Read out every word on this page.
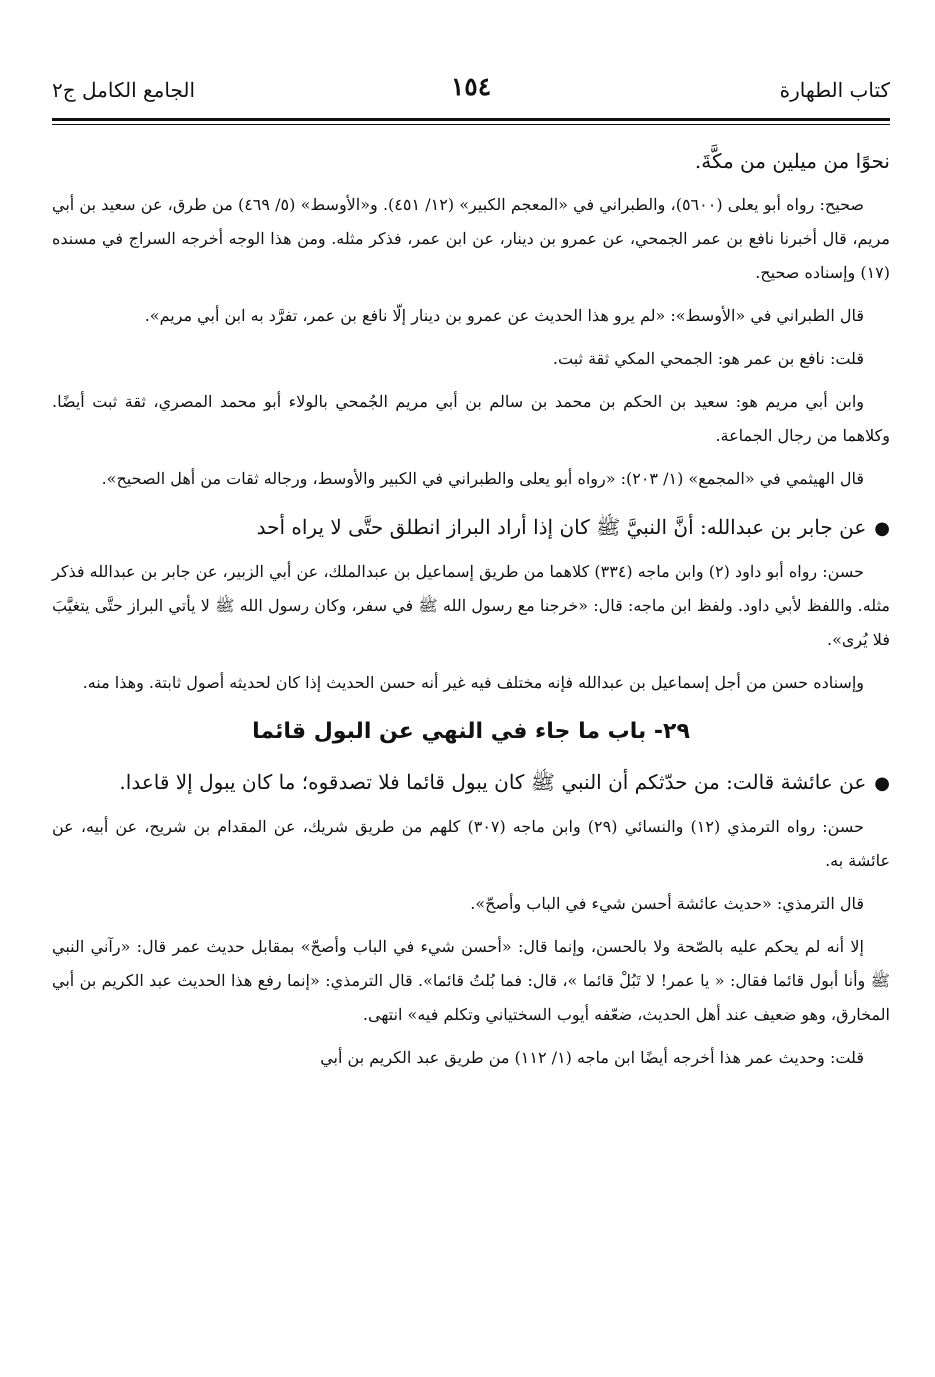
كتاب الطهارة
١٥٤
الجامع الكامل ج٢

نحوًا من ميلين من مكَّةَ.

صحيح: رواه أبو يعلى (٥٦٠٠)، والطبراني في «المعجم الكبير» (١٢/ ٤٥١). و«الأوسط» (٥/ ٤٦٩) من طرق، عن سعيد بن أبي مريم، قال أخبرنا نافع بن عمر الجمحي، عن عمرو بن دينار، عن ابن عمر، فذكر مثله. ومن هذا الوجه أخرجه السراج في مسنده (١٧) وإسناده صحيح.

قال الطبراني في «الأوسط»: «لم يرو هذا الحديث عن عمرو بن دينار إلّا نافع بن عمر، تفرَّد به ابن أبي مريم».

قلت: نافع بن عمر هو: الجمحي المكي ثقة ثبت.

وابن أبي مريم هو: سعيد بن الحكم بن محمد بن سالم بن أبي مريم الجُمحي بالولاء أبو محمد المصري، ثقة ثبت أيضًا. وكلاهما من رجال الجماعة.

قال الهيثمي في «المجمع» (١/ ٢٠٣): «رواه أبو يعلى والطبراني في الكبير والأوسط، ورجاله ثقات من أهل الصحيح».

●عن جابر بن عبدالله: أنَّ النبيَّ ﷺ كان إذا أراد البراز انطلق حتَّى لا يراه أحد

حسن: رواه أبو داود (٢) وابن ماجه (٣٣٤) كلاهما من طريق إسماعيل بن عبدالملك، عن أبي الزبير، عن جابر بن عبدالله فذكر مثله. واللفظ لأبي داود. ولفظ ابن ماجه: قال: «خرجنا مع رسول الله ﷺ في سفر، وكان رسول الله ﷺ لا يأتي البراز حتَّى يتغيَّبَ فلا يُرى».

وإسناده حسن من أجل إسماعيل بن عبدالله فإنه مختلف فيه غير أنه حسن الحديث إذا كان لحديثه أصول ثابتة. وهذا منه.

٢٩- باب ما جاء في النهي عن البول قائما

●عن عائشة قالت: من حدّثكم أن النبي ﷺ كان يبول قائما فلا تصدقوه؛ ما كان يبول إلا قاعدا.

حسن: رواه الترمذي (١٢) والنسائي (٢٩) وابن ماجه (٣٠٧) كلهم من طريق شريك، عن المقدام بن شريح، عن أبيه، عن عائشة به.

قال الترمذي: «حديث عائشة أحسن شيء في الباب وأصحّ».

إلا أنه لم يحكم عليه بالصّحة ولا بالحسن، وإنما قال: «أحسن شيء في الباب وأصحّ» بمقابل حديث عمر قال: «رآني النبي ﷺ وأنا أبول قائما فقال: « يا عمر! لا تَبُلْ قائما »، قال: فما بُلتُ قائما». قال الترمذي: «إنما رفع هذا الحديث عبد الكريم بن أبي المخارق، وهو ضعيف عند أهل الحديث، ضعّفه أيوب السختياني وتكلم فيه» انتهى.

قلت: وحديث عمر هذا أخرجه أيضًا ابن ماجه (١/ ١١٢) من طريق عبد الكريم بن أبي
